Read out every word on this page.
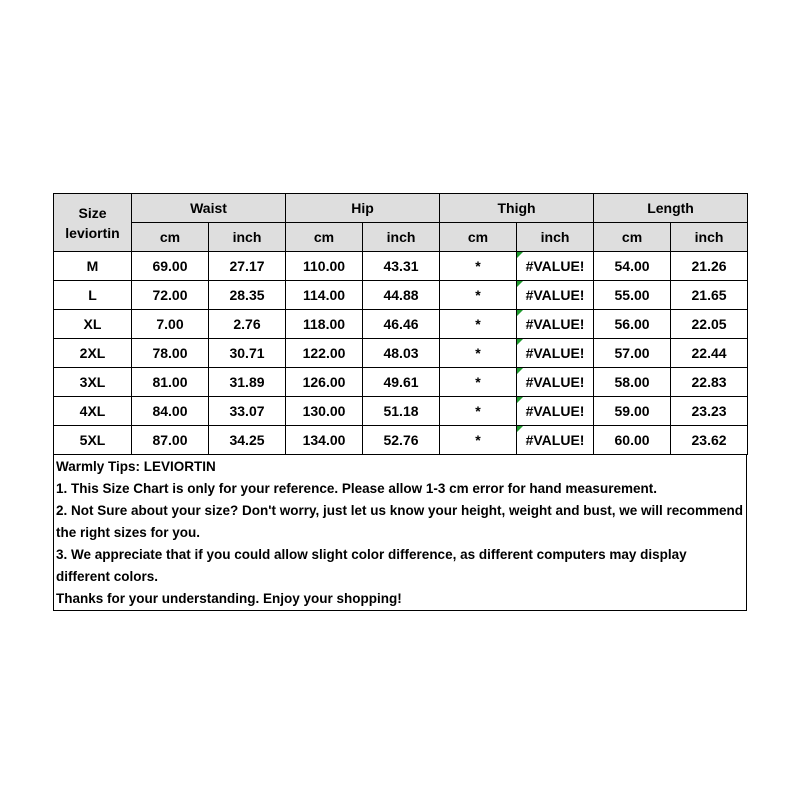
Size
leviortin	Waist		Hip		Thigh		Length	
	cm	inch	cm	inch	cm	inch	cm	inch
M	69.00	27.17	110.00	43.31	*	#VALUE!	54.00	21.26
L	72.00	28.35	114.00	44.88	*	#VALUE!	55.00	21.65
XL	7.00	2.76	118.00	46.46	*	#VALUE!	56.00	22.05
2XL	78.00	30.71	122.00	48.03	*	#VALUE!	57.00	22.44
3XL	81.00	31.89	126.00	49.61	*	#VALUE!	58.00	22.83
4XL	84.00	33.07	130.00	51.18	*	#VALUE!	59.00	23.23
5XL	87.00	34.25	134.00	52.76	*	#VALUE!	60.00	23.62

Warmly Tips: LEVIORTIN

1. This Size Chart is only for your reference. Please allow 1-3 cm error for hand measurement.

2. Not Sure about your size? Don't worry, just let us know your height, weight and bust, we will recommend the right sizes for you.

3. We appreciate that if you could allow slight color difference, as different computers may display different colors.

Thanks for your understanding. Enjoy your shopping!
